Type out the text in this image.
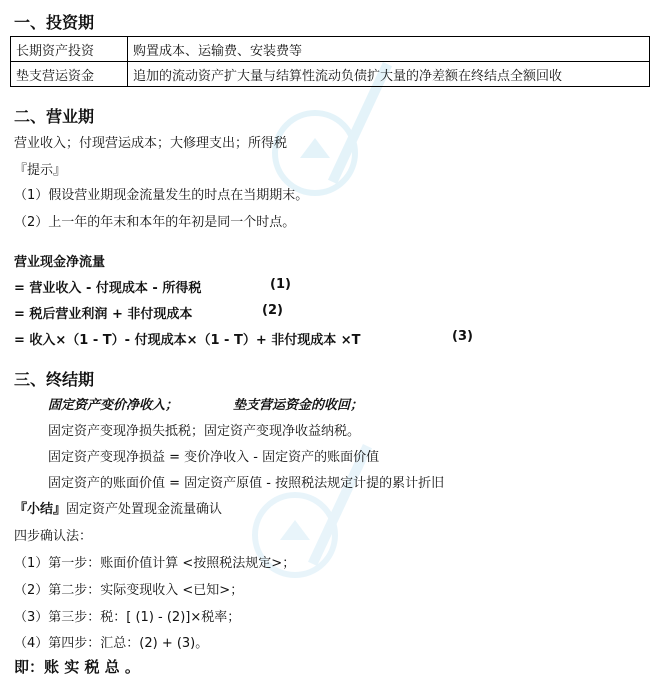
一、投资期
长期资产投资	购置成本、运输费、安装费等
垫支营运资金	追加的流动资产扩大量与结算性流动负债扩大量的净差额在终结点全额回收
二、营业期
营业收入；付现营运成本；大修理支出；所得税
『提示』
（1）假设营业期现金流量发生的时点在当期期末。
（2）上一年的年末和本年的年初是同一个时点。
营业现金净流量
= 营业收入 - 付现成本 - 所得税	(1)
= 税后营业利润 + 非付现成本	(2)
= 收入×（1 - T）- 付现成本×（1 - T）+ 非付现成本 ×T	(3)
三、终结期
固定资产变价净收入；	垫支营运资金的收回；
固定资产变现净损失抵税；固定资产变现净收益纳税。
固定资产变现净损益 = 变价净收入 - 固定资产的账面价值
固定资产的账面价值 = 固定资产原值 - 按照税法规定计提的累计折旧
『小结』固定资产处置现金流量确认
四步确认法：
（1）第一步：账面价值计算 <按照税法规定>；
（2）第二步：实际变现收入 <已知>；
（3）第三步：税：[ (1) - (2)]×税率；
（4）第四步：汇总：(2) + (3)。
即：账 实 税 总 。
